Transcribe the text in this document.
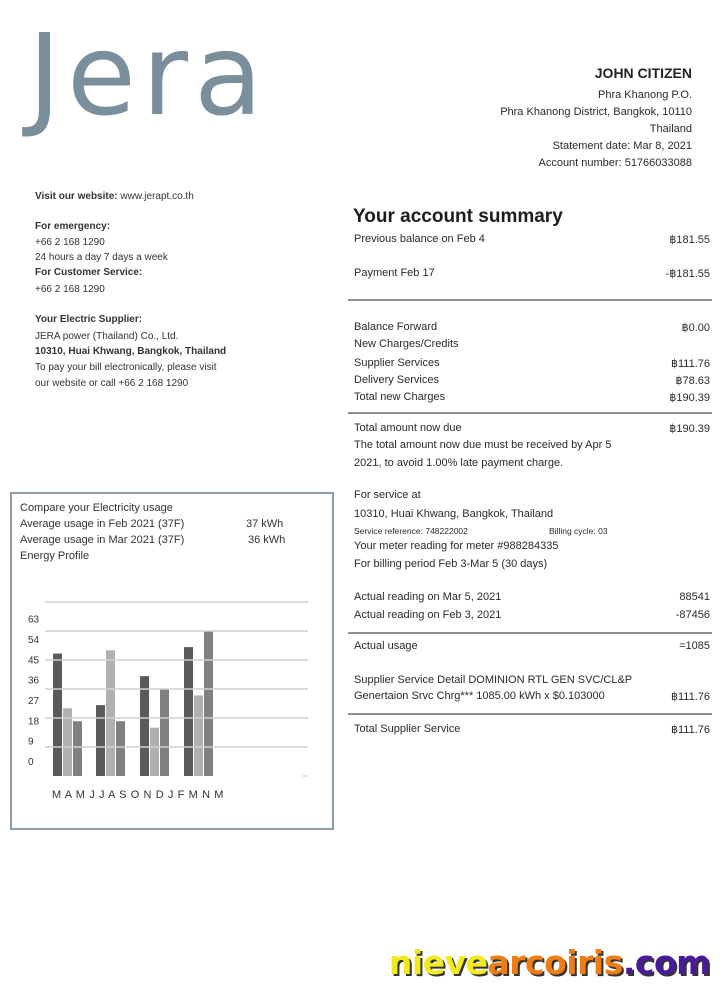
Jera	JOHN CITIZEN
Phra Khanong P.O.
Phra Khanong District, Bangkok, 10110
Thailand
Statement date: Mar 8, 2021
Account number: 51766033088
Visit our website: www.jerapt.co.th
For emergency:
+66 2 168 1290
24 hours a day 7 days a week
For Customer Service:
+66 2 168 1290
Your Electric Supplier:
JERA power (Thailand) Co., Ltd.
10310, Huai Khwang, Bangkok, Thailand
To pay your bill electronically, please visit
our website or call +66 2 168 1290
Your account summary
Previous balance on Feb 4	฿181.55
Payment Feb 17	-฿181.55
Balance Forward	฿0.00
New Charges/Credits
Supplier Services	฿111.76
Delivery Services	฿78.63
Total new Charges	฿190.39
Total amount now due	฿190.39
The total amount now due must be received by Apr 5
2021, to avoid 1.00% late payment charge.
For service at
10310, Huai Khwang, Bangkok, Thailand
Service reference: 748222002	Billing cycle: 03
Your meter reading for meter #988284335
For billing period Feb 3-Mar 5 (30 days)
Actual reading on Mar 5, 2021	88541
Actual reading on Feb 3, 2021	-87456
Actual usage	=1085
Supplier Service Detail DOMINION RTL GEN SVC/CL&P
Genertaion Srvc Chrg*** 1085.00 kWh x $0.103000	฿111.76
Total Supplier Service	฿111.76
Compare your Electricity usage
Average usage in Feb 2021 (37F)	37 kWh
Average usage in Mar 2021 (37F)	36 kWh
Energy Profile
63
54
45
36
27
18
9
0
M A M J J A S O N D J F M N M
nievearcoiris.com
